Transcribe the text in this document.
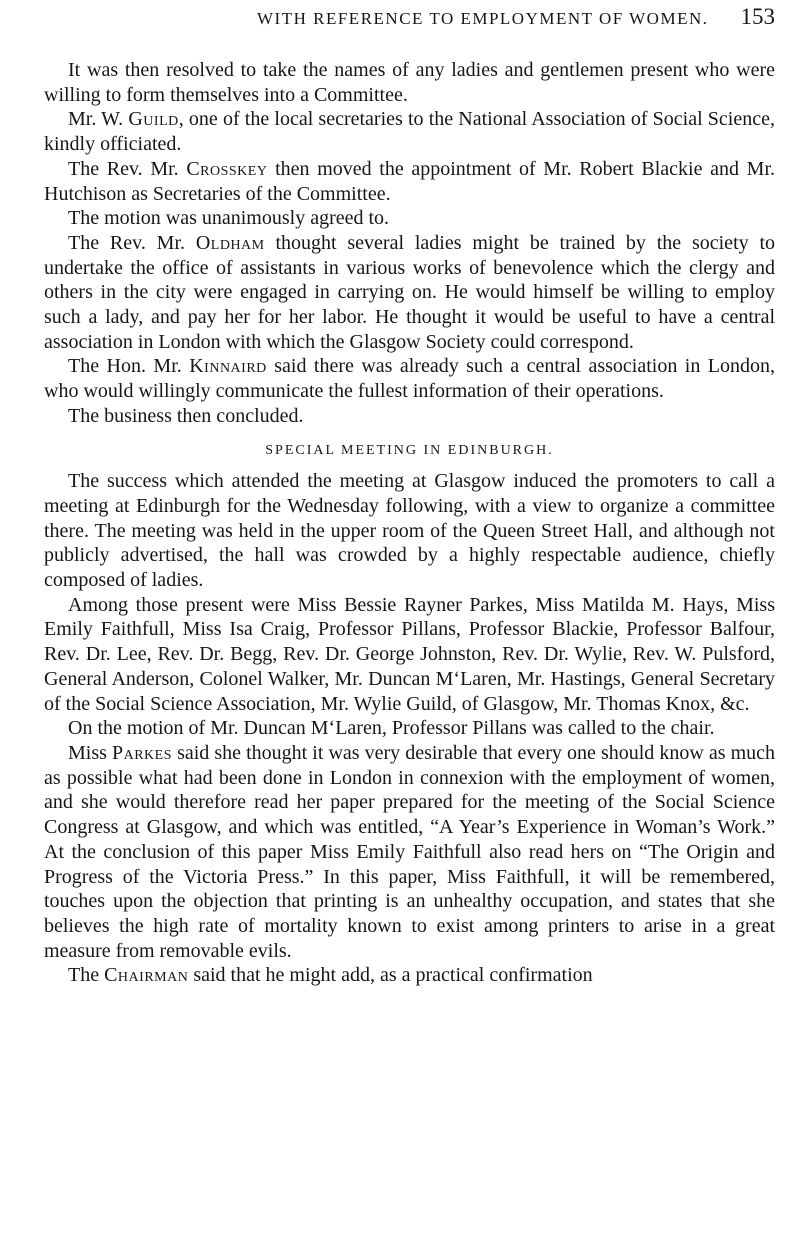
WITH REFERENCE TO EMPLOYMENT OF WOMEN. 153

It was then resolved to take the names of any ladies and gentlemen present who were willing to form themselves into a Committee.

Mr. W. Guild, one of the local secretaries to the National Association of Social Science, kindly officiated.

The Rev. Mr. Crosskey then moved the appointment of Mr. Robert Blackie and Mr. Hutchison as Secretaries of the Committee.

The motion was unanimously agreed to.

The Rev. Mr. Oldham thought several ladies might be trained by the society to undertake the office of assistants in various works of benevolence which the clergy and others in the city were engaged in carrying on. He would himself be willing to employ such a lady, and pay her for her labor. He thought it would be useful to have a central association in London with which the Glasgow Society could correspond.

The Hon. Mr. Kinnaird said there was already such a central association in London, who would willingly communicate the fullest information of their operations.

The business then concluded.

SPECIAL MEETING IN EDINBURGH.

The success which attended the meeting at Glasgow induced the promoters to call a meeting at Edinburgh for the Wednesday following, with a view to organize a committee there. The meeting was held in the upper room of the Queen Street Hall, and although not publicly advertised, the hall was crowded by a highly respectable audience, chiefly composed of ladies.

Among those present were Miss Bessie Rayner Parkes, Miss Matilda M. Hays, Miss Emily Faithfull, Miss Isa Craig, Professor Pillans, Professor Blackie, Professor Balfour, Rev. Dr. Lee, Rev. Dr. Begg, Rev. Dr. George Johnston, Rev. Dr. Wylie, Rev. W. Pulsford, General Anderson, Colonel Walker, Mr. Duncan M‘Laren, Mr. Hastings, General Secretary of the Social Science Association, Mr. Wylie Guild, of Glasgow, Mr. Thomas Knox, &c.

On the motion of Mr. Duncan M‘Laren, Professor Pillans was called to the chair.

Miss Parkes said she thought it was very desirable that every one should know as much as possible what had been done in London in connexion with the employment of women, and she would therefore read her paper prepared for the meeting of the Social Science Congress at Glasgow, and which was entitled, “A Year’s Experience in Woman’s Work.” At the conclusion of this paper Miss Emily Faithfull also read hers on “The Origin and Progress of the Victoria Press.” In this paper, Miss Faithfull, it will be remembered, touches upon the objection that printing is an unhealthy occupation, and states that she believes the high rate of mortality known to exist among printers to arise in a great measure from removable evils.

The Chairman said that he might add, as a practical confirmation
